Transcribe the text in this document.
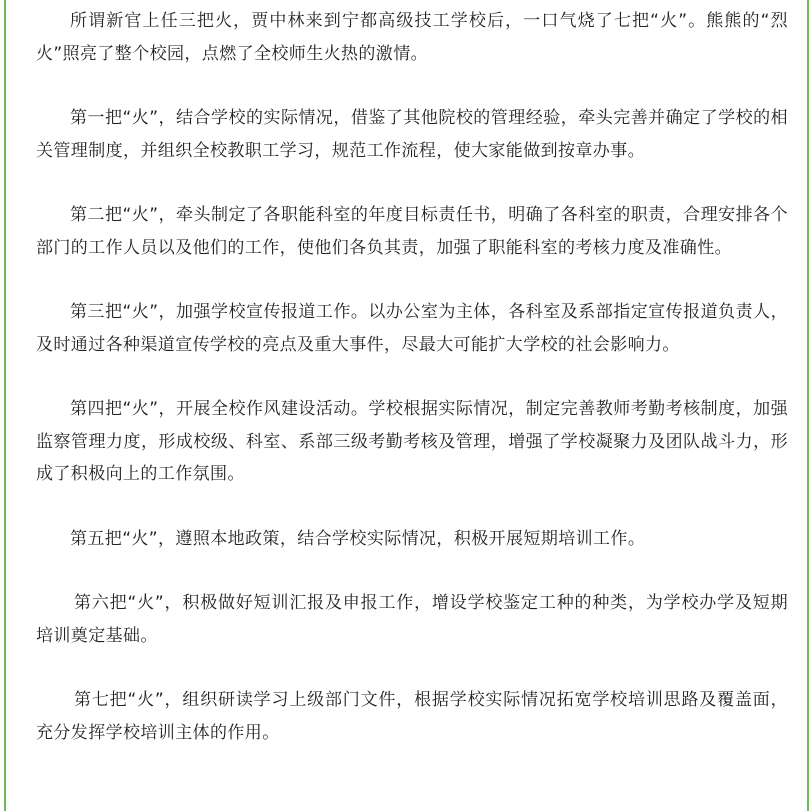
所谓新官上任三把火，贾中林来到宁都高级技工学校后，一口气烧了七把“火”。熊熊的“烈火”照亮了整个校园，点燃了全校师生火热的激情。

第一把“火”，结合学校的实际情况，借鉴了其他院校的管理经验，牵头完善并确定了学校的相关管理制度，并组织全校教职工学习，规范工作流程，使大家能做到按章办事。

第二把“火”，牵头制定了各职能科室的年度目标责任书，明确了各科室的职责，合理安排各个部门的工作人员以及他们的工作，使他们各负其责，加强了职能科室的考核力度及准确性。

第三把“火”，加强学校宣传报道工作。以办公室为主体，各科室及系部指定宣传报道负责人，及时通过各种渠道宣传学校的亮点及重大事件，尽最大可能扩大学校的社会影响力。

第四把“火”，开展全校作风建设活动。学校根据实际情况，制定完善教师考勤考核制度，加强监察管理力度，形成校级、科室、系部三级考勤考核及管理，增强了学校凝聚力及团队战斗力，形成了积极向上的工作氛围。

第五把“火”，遵照本地政策，结合学校实际情况，积极开展短期培训工作。

第六把“火”，积极做好短训汇报及申报工作，增设学校鉴定工种的种类，为学校办学及短期培训奠定基础。

第七把“火”，组织研读学习上级部门文件，根据学校实际情况拓宽学校培训思路及覆盖面，充分发挥学校培训主体的作用。
